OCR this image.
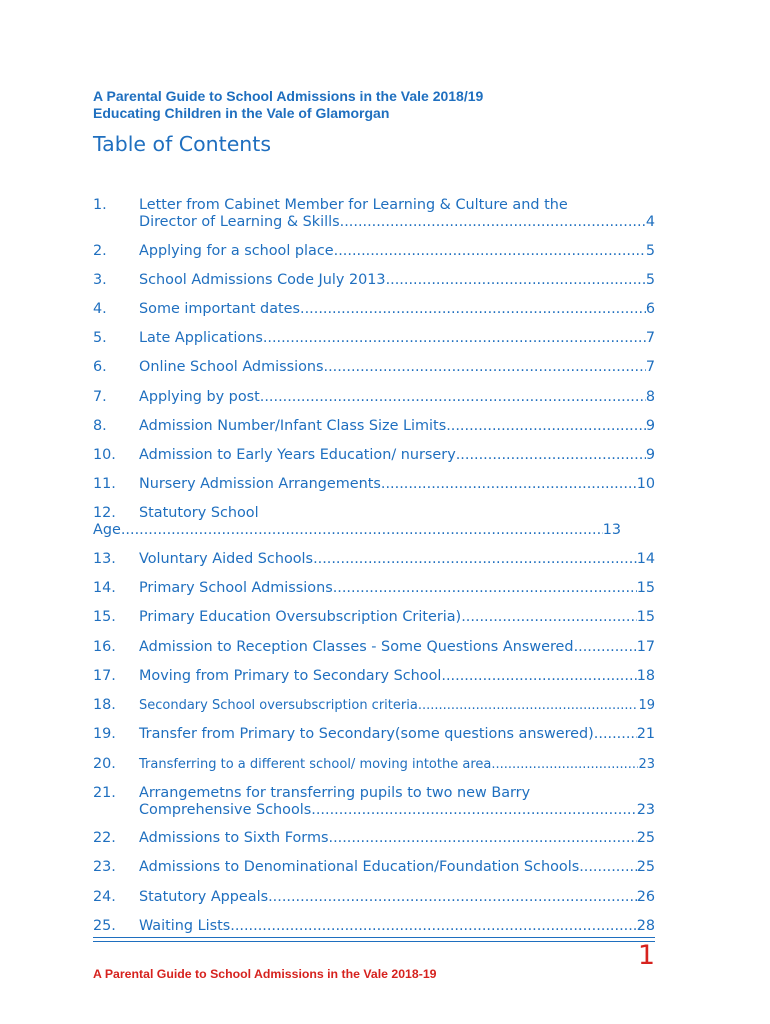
A Parental Guide to School Admissions in the Vale 2018/19
Educating Children in the Vale of Glamorgan
Table of Contents
1.	Letter from Cabinet Member for Learning & Culture and the
Director of Learning & Skills .....	4
2.	Applying for a school place .....	5
3.	School Admissions Code July 2013 .....	5
4.	Some important dates .....	6
5.	Late Applications .....	7
6.	Online School Admissions .....	7
7.	Applying by post .....	8
8.	Admission Number/Infant Class Size Limits .....	9
10.	Admission to Early Years Education/ nursery .....	9
11.	Nursery Admission Arrangements .....	10
12.	Statutory School
Age .....	13
13.	Voluntary Aided Schools .....	14
14.	Primary School Admissions .....	15
15.	Primary Education Oversubscription Criteria) .....	15
16.	Admission to Reception Classes - Some Questions Answered .....	17
17.	Moving from Primary to Secondary School .....	18
18.	Secondary School oversubscription criteria .....	19
19.	Transfer from Primary to Secondary(some questions answered) .....	21
20.	Transferring to a different school/ moving intothe area .....	23
21.	Arrangemetns for transferring pupils to two new Barry
Comprehensive Schools .....	23
22.	Admissions to Sixth Forms .....	25
23.	Admissions to Denominational Education/Foundation Schools .....	25
24.	Statutory Appeals .....	26
25.	Waiting Lists .....	28
1
A Parental Guide to School Admissions in the Vale 2018-19
